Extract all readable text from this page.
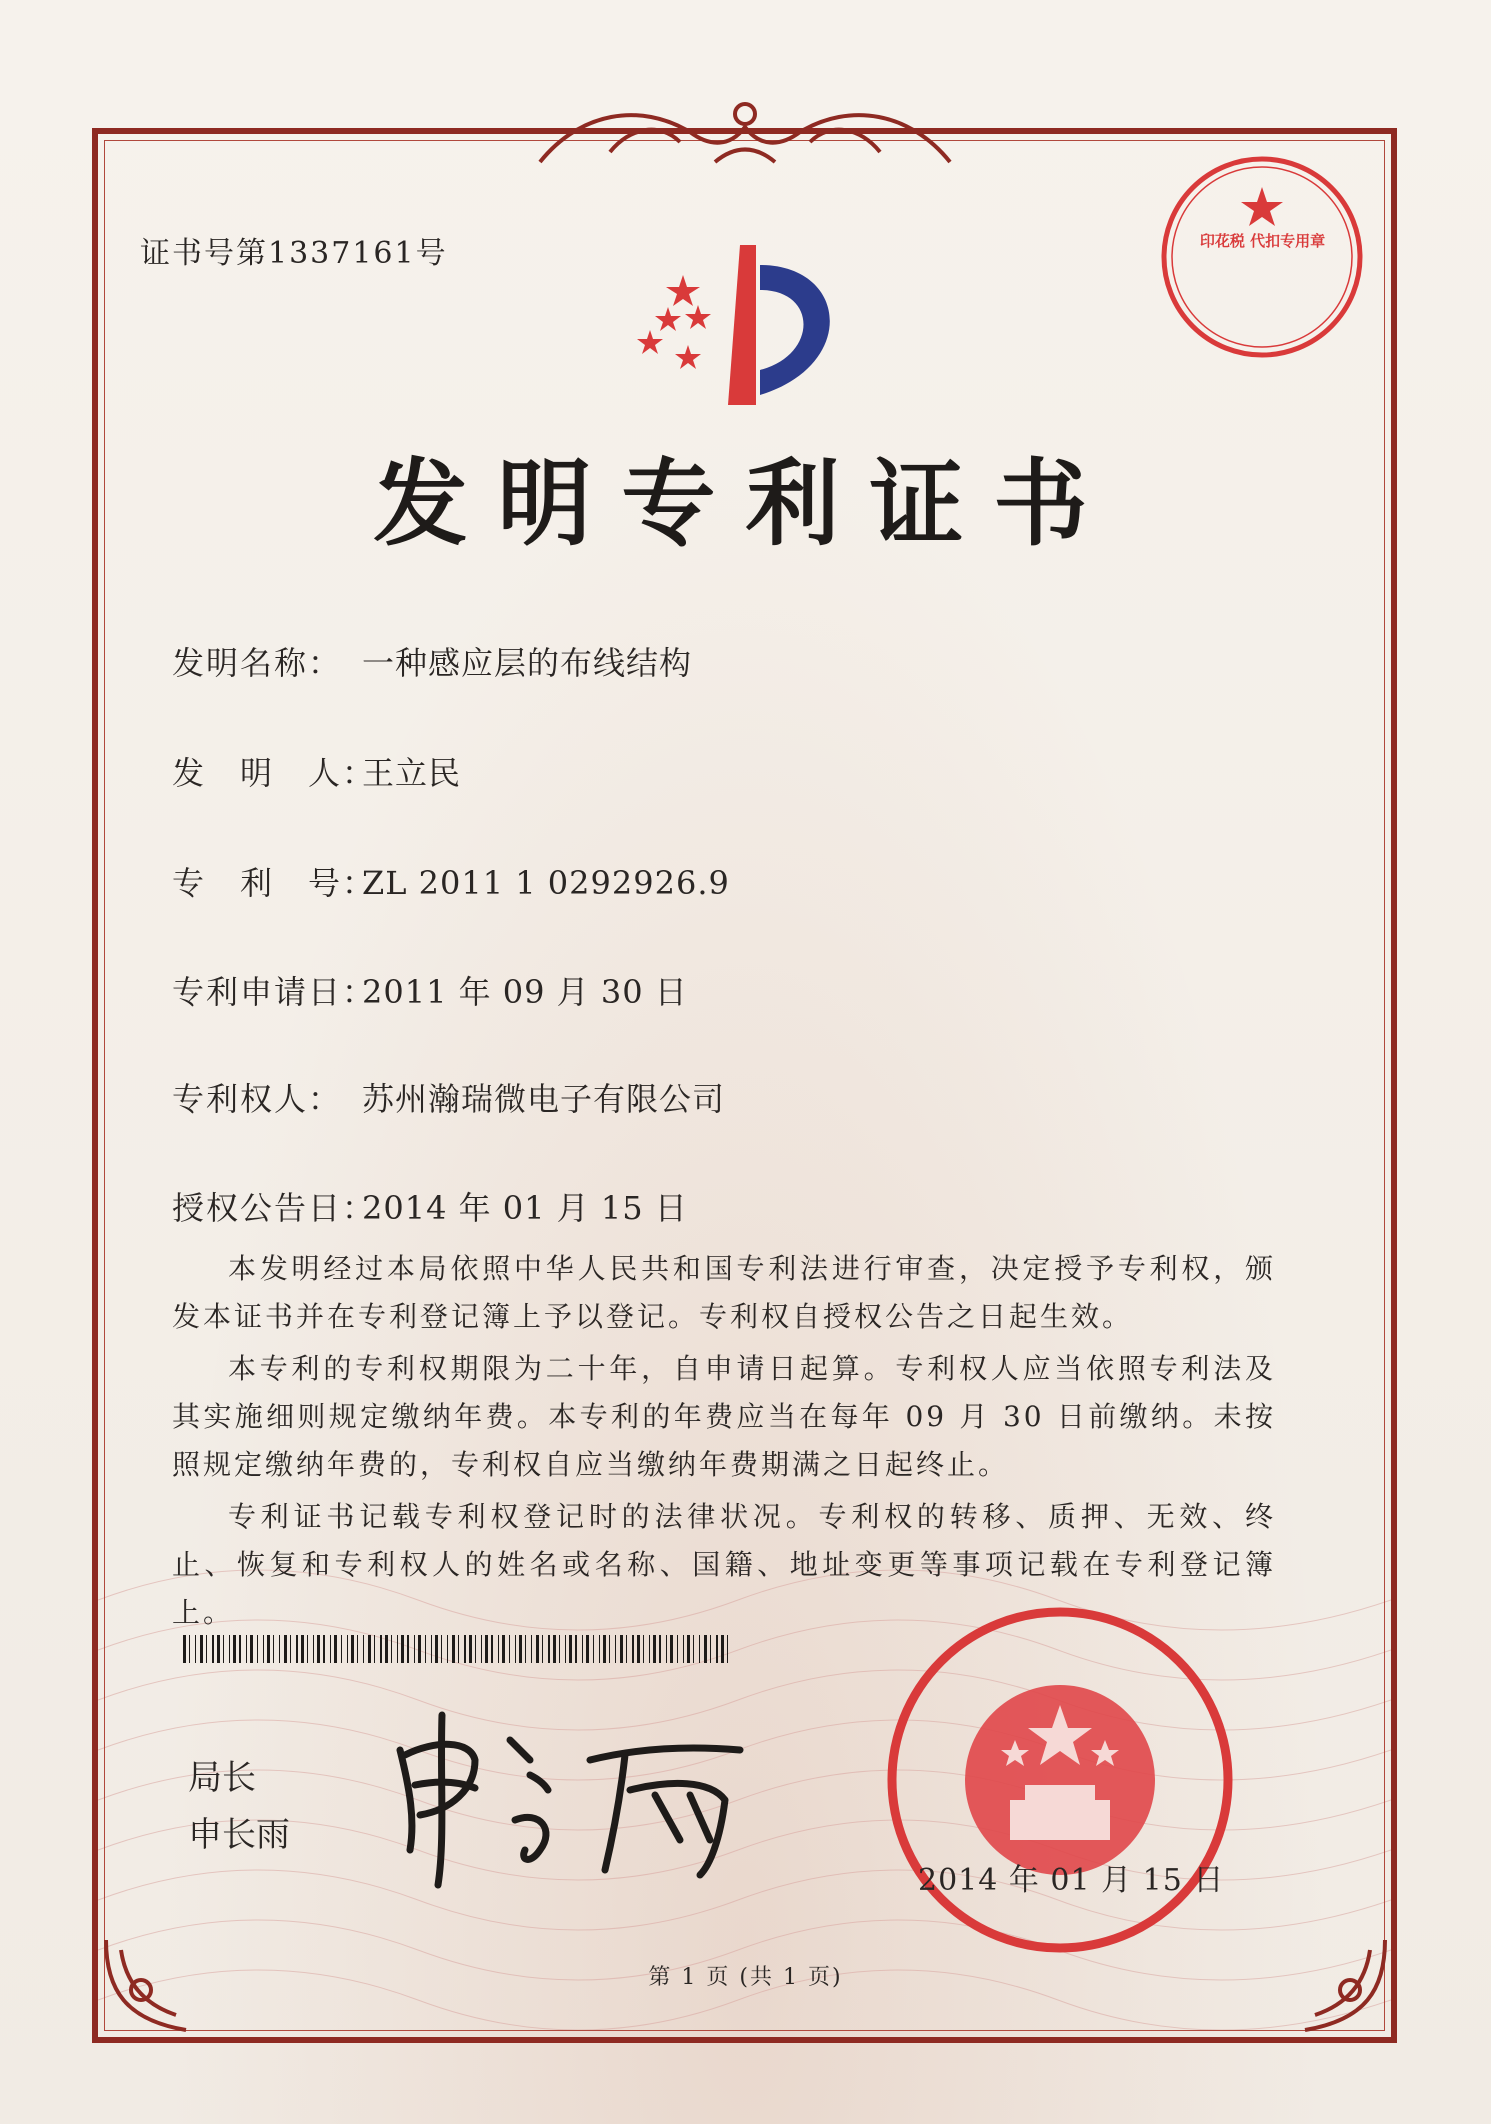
证书号第1337161号
发明专利证书
发明名称： 一种感应层的布线结构
发　明　人：王立民
专　利　号：ZL 2011 1 0292926.9
专利申请日：2011 年 09 月 30 日
专利权人： 苏州瀚瑞微电子有限公司
授权公告日：2014 年 01 月 15 日

本发明经过本局依照中华人民共和国专利法进行审查，决定授予专利权，颁发本证书并在专利登记簿上予以登记。专利权自授权公告之日起生效。

本专利的专利权期限为二十年，自申请日起算。专利权人应当依照专利法及其实施细则规定缴纳年费。本专利的年费应当在每年 09 月 30 日前缴纳。未按照规定缴纳年费的，专利权自应当缴纳年费期满之日起终止。

专利证书记载专利权登记时的法律状况。专利权的转移、质押、无效、终止、恢复和专利权人的姓名或名称、国籍、地址变更等事项记载在专利登记簿上。

局长
申长雨
印花税 代扣专用章
2014 年 01 月 15 日
第 1 页 (共 1 页)
